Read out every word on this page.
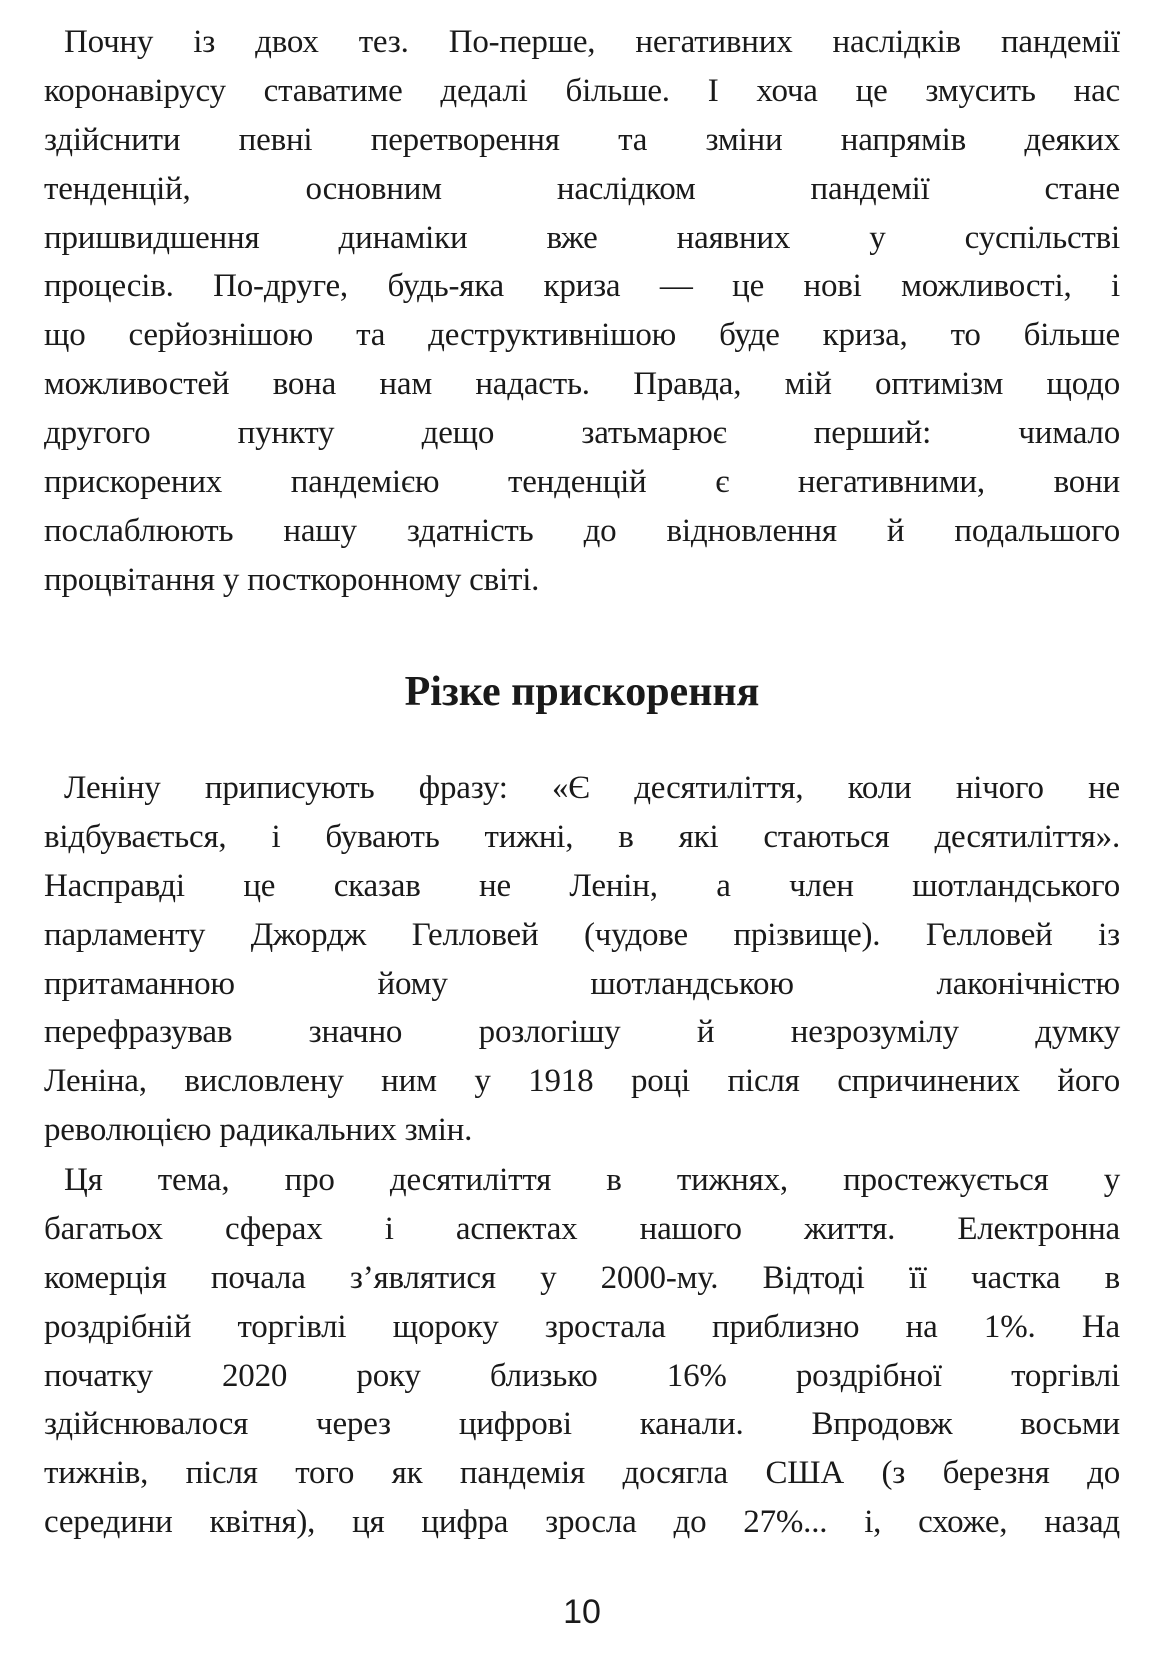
Почну із двох тез. По-перше, негативних наслідків пандемії
коронавірусу ставатиме дедалі більше. І хоча це змусить нас
здійснити певні перетворення та зміни напрямів деяких
тенденцій, основним наслідком пандемії стане
пришвидшення динаміки вже наявних у суспільстві
процесів. По-друге, будь-яка криза — це нові можливості, і
що серйознішою та деструктивнішою буде криза, то більше
можливостей вона нам надасть. Правда, мій оптимізм щодо
другого пункту дещо затьмарює перший: чимало
прискорених пандемією тенденцій є негативними, вони
послаблюють нашу здатність до відновлення й подальшого
процвітання у посткоронному світі.
Різке прискорення
Леніну приписують фразу: «Є десятиліття, коли нічого не
відбувається, і бувають тижні, в які стаються десятиліття».
Насправді це сказав не Ленін, а член шотландського
парламенту Джордж Гелловей (чудове прізвище). Гелловей із
притаманною йому шотландською лаконічністю
перефразував значно розлогішу й незрозумілу думку
Леніна, висловлену ним у 1918 році після спричинених його
революцією радикальних змін.
Ця тема, про десятиліття в тижнях, простежується у
багатьох сферах і аспектах нашого життя. Електронна
комерція почала з’являтися у 2000-му. Відтоді її частка в
роздрібній торгівлі щороку зростала приблизно на 1%. На
початку 2020 року близько 16% роздрібної торгівлі
здійснювалося через цифрові канали. Впродовж восьми
тижнів, після того як пандемія досягла США (з березня до
середини квітня), ця цифра зросла до 27%... і, схоже, назад
10
